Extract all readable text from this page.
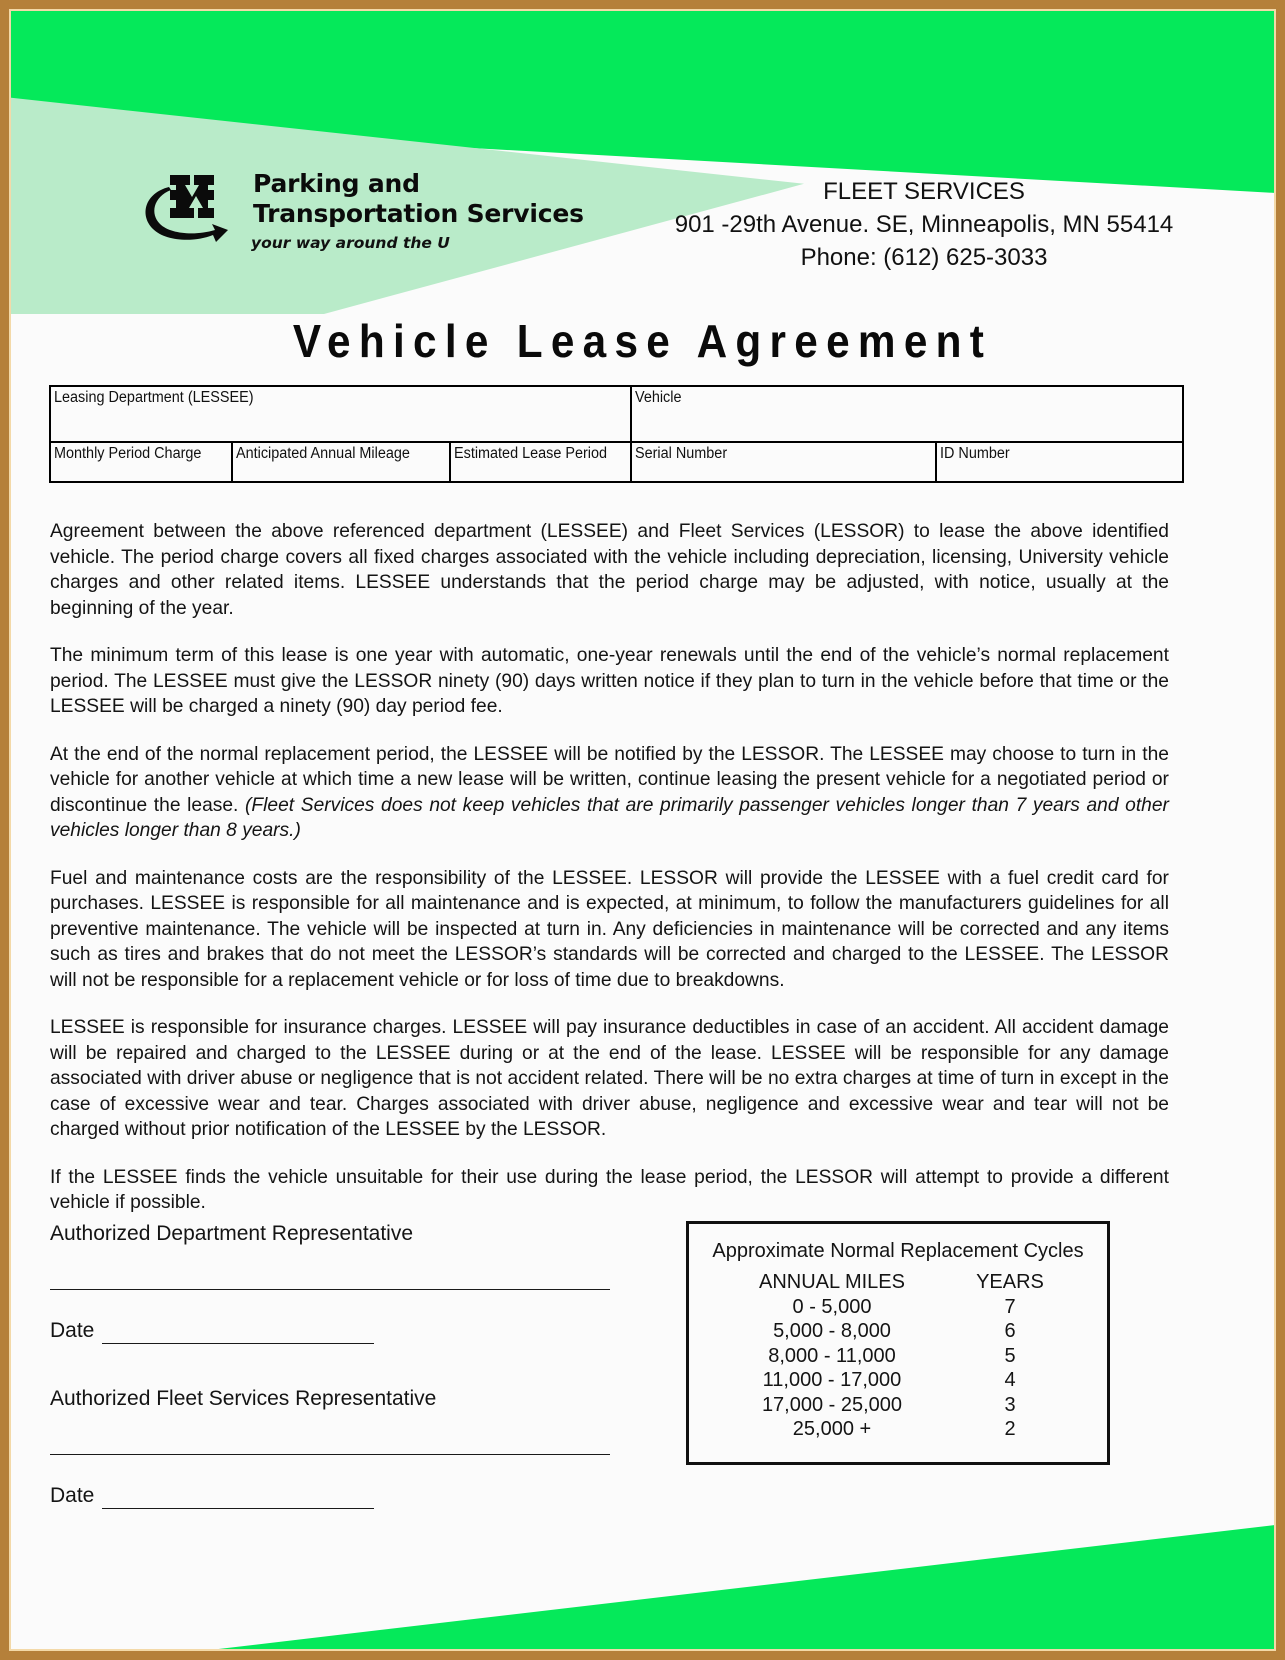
Parking and
Transportation Services
your way around the U
FLEET SERVICES
901 -29th Avenue. SE, Minneapolis, MN 55414
Phone: (612) 625-3033
Vehicle Lease Agreement
Leasing Department (LESSEE)			Vehicle	
Monthly Period Charge	Anticipated Annual Mileage	Estimated Lease Period	Serial Number	ID Number

Agreement between the above referenced department (LESSEE) and Fleet Services (LESSOR) to lease the above identified vehicle. The period charge covers all fixed charges associated with the vehicle including depreciation, licensing, University vehicle charges and other related items. LESSEE understands that the period charge may be adjusted, with notice, usually at the beginning of the year.

The minimum term of this lease is one year with automatic, one-year renewals until the end of the vehicle’s normal replacement period. The LESSEE must give the LESSOR ninety (90) days written notice if they plan to turn in the vehicle before that time or the LESSEE will be charged a ninety (90) day period fee.

At the end of the normal replacement period, the LESSEE will be notified by the LESSOR. The LESSEE may choose to turn in the vehicle for another vehicle at which time a new lease will be written, continue leasing the present vehicle for a negotiated period or discontinue the lease. (Fleet Services does not keep vehicles that are primarily passenger vehicles longer than 7 years and other vehicles longer than 8 years.)

Fuel and maintenance costs are the responsibility of the LESSEE. LESSOR will provide the LESSEE with a fuel credit card for purchases. LESSEE is responsible for all maintenance and is expected, at minimum, to follow the manufacturers guidelines for all preventive maintenance. The vehicle will be inspected at turn in. Any deficiencies in maintenance will be corrected and any items such as tires and brakes that do not meet the LESSOR’s standards will be corrected and charged to the LESSEE. The LESSOR will not be responsible for a replacement vehicle or for loss of time due to breakdowns.

LESSEE is responsible for insurance charges. LESSEE will pay insurance deductibles in case of an accident. All accident damage will be repaired and charged to the LESSEE during or at the end of the lease. LESSEE will be responsible for any damage associated with driver abuse or negligence that is not accident related. There will be no extra charges at time of turn in except in the case of excessive wear and tear. Charges associated with driver abuse, negligence and excessive wear and tear will not be charged without prior notification of the LESSEE by the LESSOR.

If the LESSEE finds the vehicle unsuitable for their use during the lease period, the LESSOR will attempt to provide a different vehicle if possible.

Authorized Department Representative
Date
Authorized Fleet Services Representative
Date
Approximate Normal Replacement Cycles
ANNUAL MILES	YEARS
0 - 5,000	7
5,000 - 8,000	6
8,000 - 11,000	5
11,000 - 17,000	4
17,000 - 25,000	3
25,000 +	2
